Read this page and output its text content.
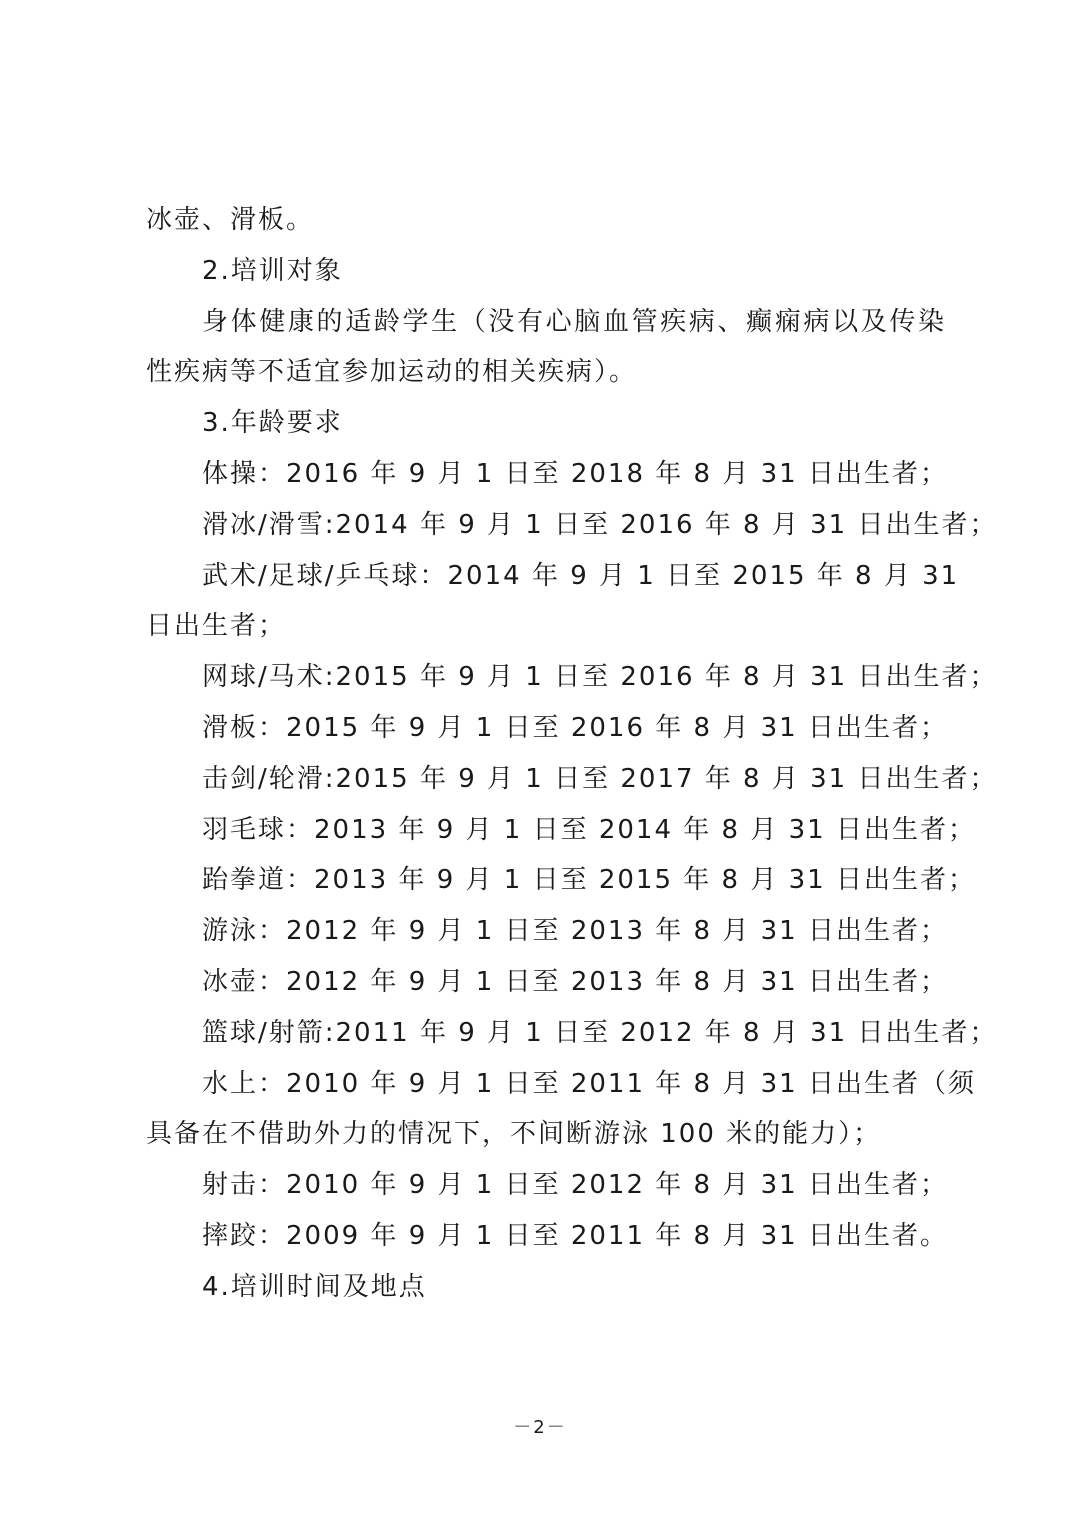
冰壶、滑板。
2.培训对象
身体健康的适龄学生（没有心脑血管疾病、癫痫病以及传染
性疾病等不适宜参加运动的相关疾病）。
3.年龄要求
体操：2016 年 9 月 1 日至 2018 年 8 月 31 日出生者；
滑冰/滑雪:2014 年 9 月 1 日至 2016 年 8 月 31 日出生者；
武术/足球/乒乓球：2014 年 9 月 1 日至 2015 年 8 月 31
日出生者；
网球/马术:2015 年 9 月 1 日至 2016 年 8 月 31 日出生者；
滑板：2015 年 9 月 1 日至 2016 年 8 月 31 日出生者；
击剑/轮滑:2015 年 9 月 1 日至 2017 年 8 月 31 日出生者；
羽毛球：2013 年 9 月 1 日至 2014 年 8 月 31 日出生者；
跆拳道：2013 年 9 月 1 日至 2015 年 8 月 31 日出生者；
游泳：2012 年 9 月 1 日至 2013 年 8 月 31 日出生者；
冰壶：2012 年 9 月 1 日至 2013 年 8 月 31 日出生者；
篮球/射箭:2011 年 9 月 1 日至 2012 年 8 月 31 日出生者；
水上：2010 年 9 月 1 日至 2011 年 8 月 31 日出生者（须
具备在不借助外力的情况下，不间断游泳 100 米的能力）；
射击：2010 年 9 月 1 日至 2012 年 8 月 31 日出生者；
摔跤：2009 年 9 月 1 日至 2011 年 8 月 31 日出生者。
4.培训时间及地点
－2－
